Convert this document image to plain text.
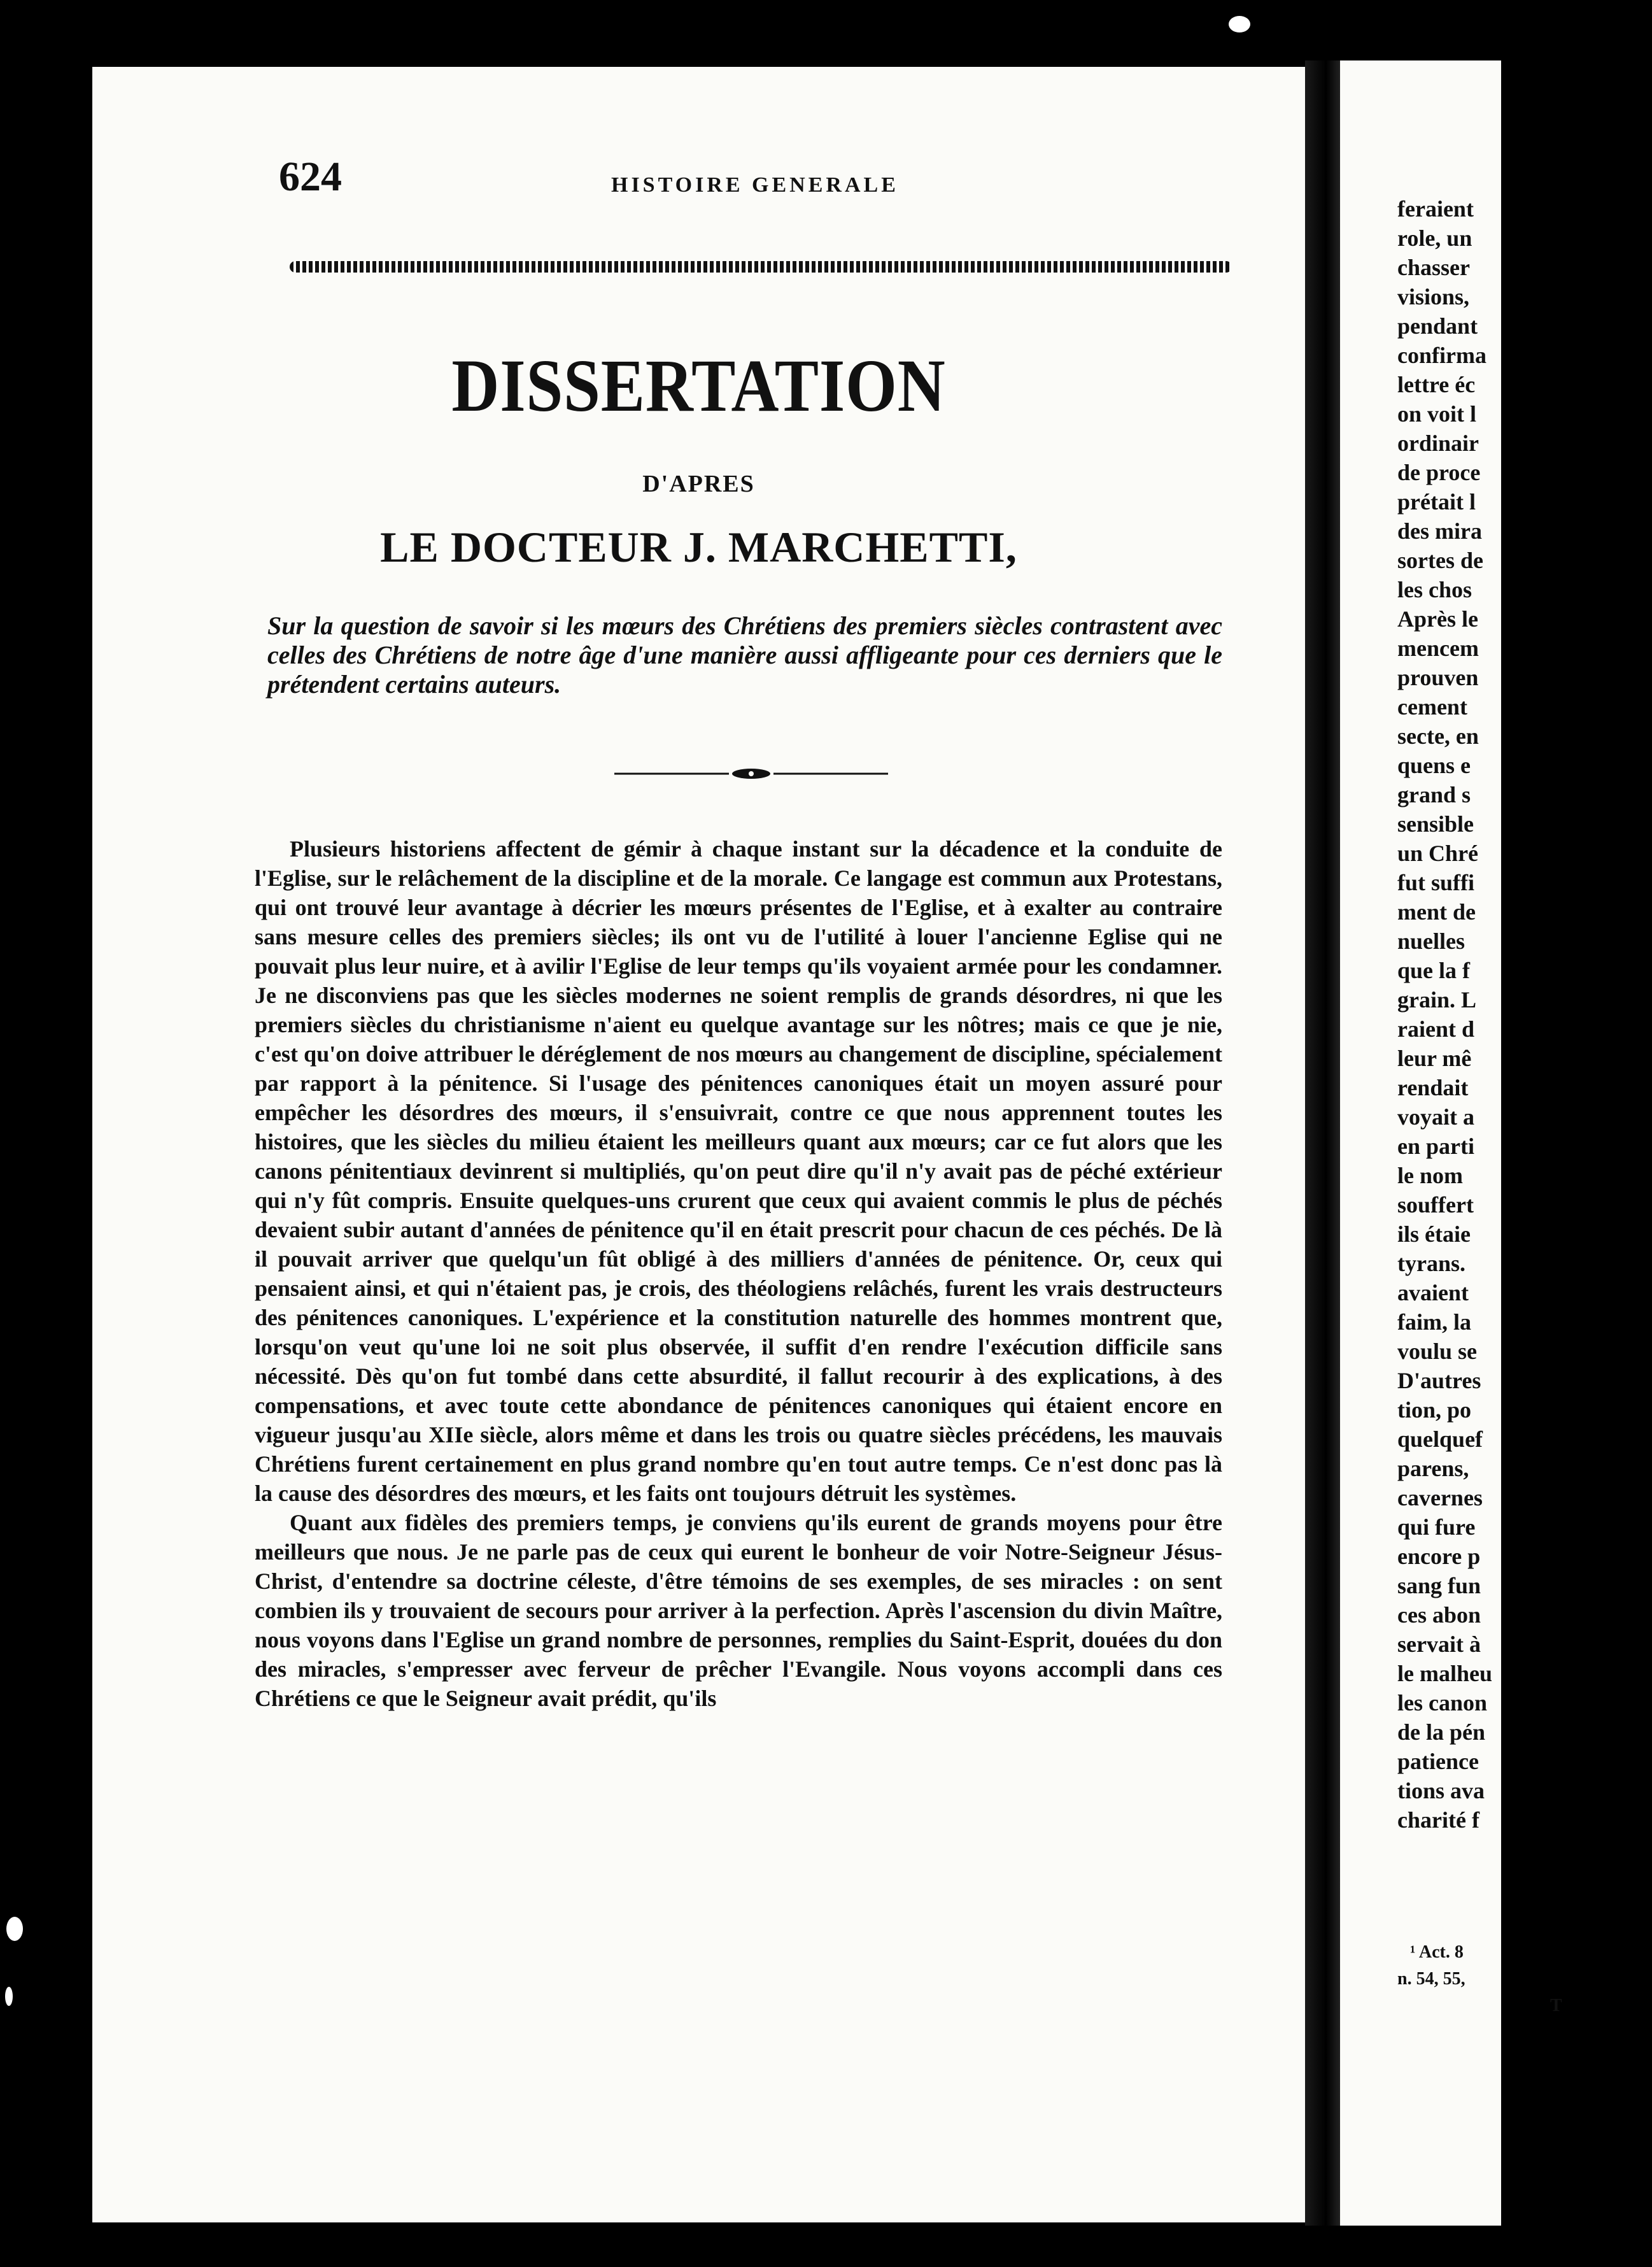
624	HISTOIRE GENERALE
DISSERTATION
D'APRES
LE DOCTEUR J. MARCHETTI,
Sur la question de savoir si les mœurs des Chrétiens des premiers siècles contrastent avec celles des Chrétiens de notre âge d'une manière aussi affligeante pour ces derniers que le prétendent certains auteurs.

Plusieurs historiens affectent de gémir à chaque instant sur la décadence et la conduite de l'Eglise, sur le relâchement de la discipline et de la morale. Ce langage est commun aux Protestans, qui ont trouvé leur avantage à décrier les mœurs présentes de l'Eglise, et à exalter au contraire sans mesure celles des premiers siècles; ils ont vu de l'utilité à louer l'ancienne Eglise qui ne pouvait plus leur nuire, et à avilir l'Eglise de leur temps qu'ils voyaient armée pour les condamner. Je ne disconviens pas que les siècles modernes ne soient remplis de grands désordres, ni que les premiers siècles du christianisme n'aient eu quelque avantage sur les nôtres; mais ce que je nie, c'est qu'on doive attribuer le déréglement de nos mœurs au changement de discipline, spécialement par rapport à la pénitence. Si l'usage des pénitences canoniques était un moyen assuré pour empêcher les désordres des mœurs, il s'ensuivrait, contre ce que nous apprennent toutes les histoires, que les siècles du milieu étaient les meilleurs quant aux mœurs; car ce fut alors que les canons pénitentiaux devinrent si multipliés, qu'on peut dire qu'il n'y avait pas de péché extérieur qui n'y fût compris. Ensuite quelques-uns crurent que ceux qui avaient commis le plus de péchés devaient subir autant d'années de pénitence qu'il en était prescrit pour chacun de ces péchés. De là il pouvait arriver que quelqu'un fût obligé à des milliers d'années de pénitence. Or, ceux qui pensaient ainsi, et qui n'étaient pas, je crois, des théologiens relâchés, furent les vrais destructeurs des pénitences canoniques. L'expérience et la constitution naturelle des hommes montrent que, lorsqu'on veut qu'une loi ne soit plus observée, il suffit d'en rendre l'exécution difficile sans nécessité. Dès qu'on fut tombé dans cette absurdité, il fallut recourir à des explications, à des compensations, et avec toute cette abondance de pénitences canoniques qui étaient encore en vigueur jusqu'au XIIe siècle, alors même et dans les trois ou quatre siècles précédens, les mauvais Chrétiens furent certainement en plus grand nombre qu'en tout autre temps. Ce n'est donc pas là la cause des désordres des mœurs, et les faits ont toujours détruit les systèmes.

Quant aux fidèles des premiers temps, je conviens qu'ils eurent de grands moyens pour être meilleurs que nous. Je ne parle pas de ceux qui eurent le bonheur de voir Notre-Seigneur Jésus-Christ, d'entendre sa doctrine céleste, d'être témoins de ses exemples, de ses miracles : on sent combien ils y trouvaient de secours pour arriver à la perfection. Après l'ascension du divin Maître, nous voyons dans l'Eglise un grand nombre de personnes, remplies du Saint-Esprit, douées du don des miracles, s'empresser avec ferveur de prêcher l'Evangile. Nous voyons accompli dans ces Chrétiens ce que le Seigneur avait prédit, qu'ils

feraient
role, un
chasser
visions,
pendant
confirma
lettre éc
on voit l
ordinair
de proce
prétait l
des mira
sortes de
les chos
Après le
mencem
prouven
cement
secte, en
quens e
grand s
sensible
un Chré
fut suffi
ment de
nuelles
que la f
grain. L
raient d
leur mê
rendait
voyait a
en parti
le nom
souffert
ils étaie
tyrans.
avaient
faim, la
voulu se
D'autres
tion, po
quelquef
parens,
cavernes
qui fure
encore p
sang fun
ces abon
servait à
le malheu
les canon
de la pén
patience
tions ava
charité f
¹ Act. 8
n. 54, 55,
T
